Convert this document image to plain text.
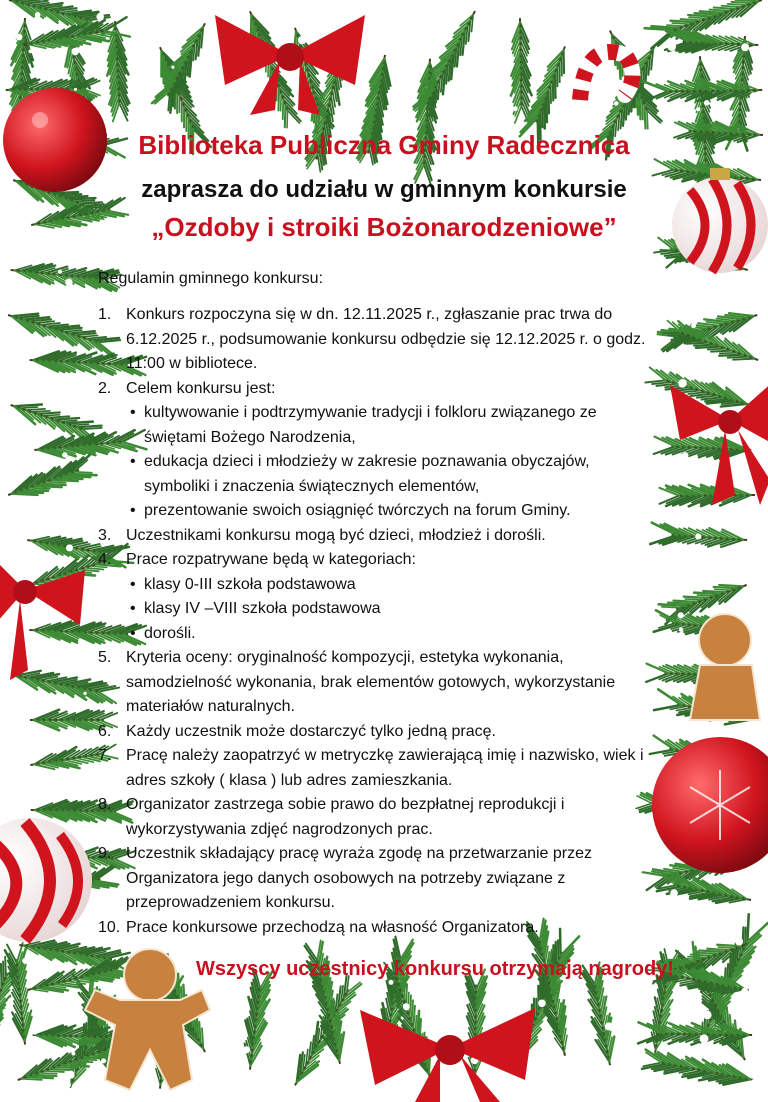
Biblioteka Publiczna Gminy Radecznica
zaprasza do udziału w gminnym konkursie
„Ozdoby i stroiki Bożonarodzeniowe”
Regulamin gminnego konkursu:
1. Konkurs rozpoczyna się w dn. 12.11.2025 r., zgłaszanie prac trwa do 6.12.2025 r., podsumowanie konkursu odbędzie się 12.12.2025 r. o godz. 11:00 w bibliotece.
2. Celem konkursu jest:
• kultywowanie i podtrzymywanie tradycji i folkloru związanego ze świętami Bożego Narodzenia,
• edukacja dzieci i młodzieży w zakresie poznawania obyczajów, symboliki i znaczenia świątecznych elementów,
• prezentowanie swoich osiągnięć twórczych na forum Gminy.
3. Uczestnikami konkursu mogą być dzieci, młodzież i dorośli.
4. Prace rozpatrywane będą w kategoriach:
• klasy 0-III szkoła podstawowa
• klasy IV –VIII szkoła podstawowa
• dorośli.
5. Kryteria oceny: oryginalność kompozycji, estetyka wykonania, samodzielność wykonania, brak elementów gotowych, wykorzystanie materiałów naturalnych.
6. Każdy uczestnik może dostarczyć tylko jedną pracę.
7. Pracę należy zaopatrzyć w metryczkę zawierającą imię i nazwisko, wiek i adres szkoły ( klasa ) lub adres zamieszkania.
8. Organizator zastrzega sobie prawo do bezpłatnej reprodukcji i wykorzystywania zdjęć nagrodzonych prac.
9. Uczestnik składający pracę wyraża zgodę na przetwarzanie przez Organizatora jego danych osobowych na potrzeby związane z przeprowadzeniem konkursu.
10. Prace konkursowe przechodzą na własność Organizatora.
Wszyscy uczestnicy konkursu otrzymają nagrody!
